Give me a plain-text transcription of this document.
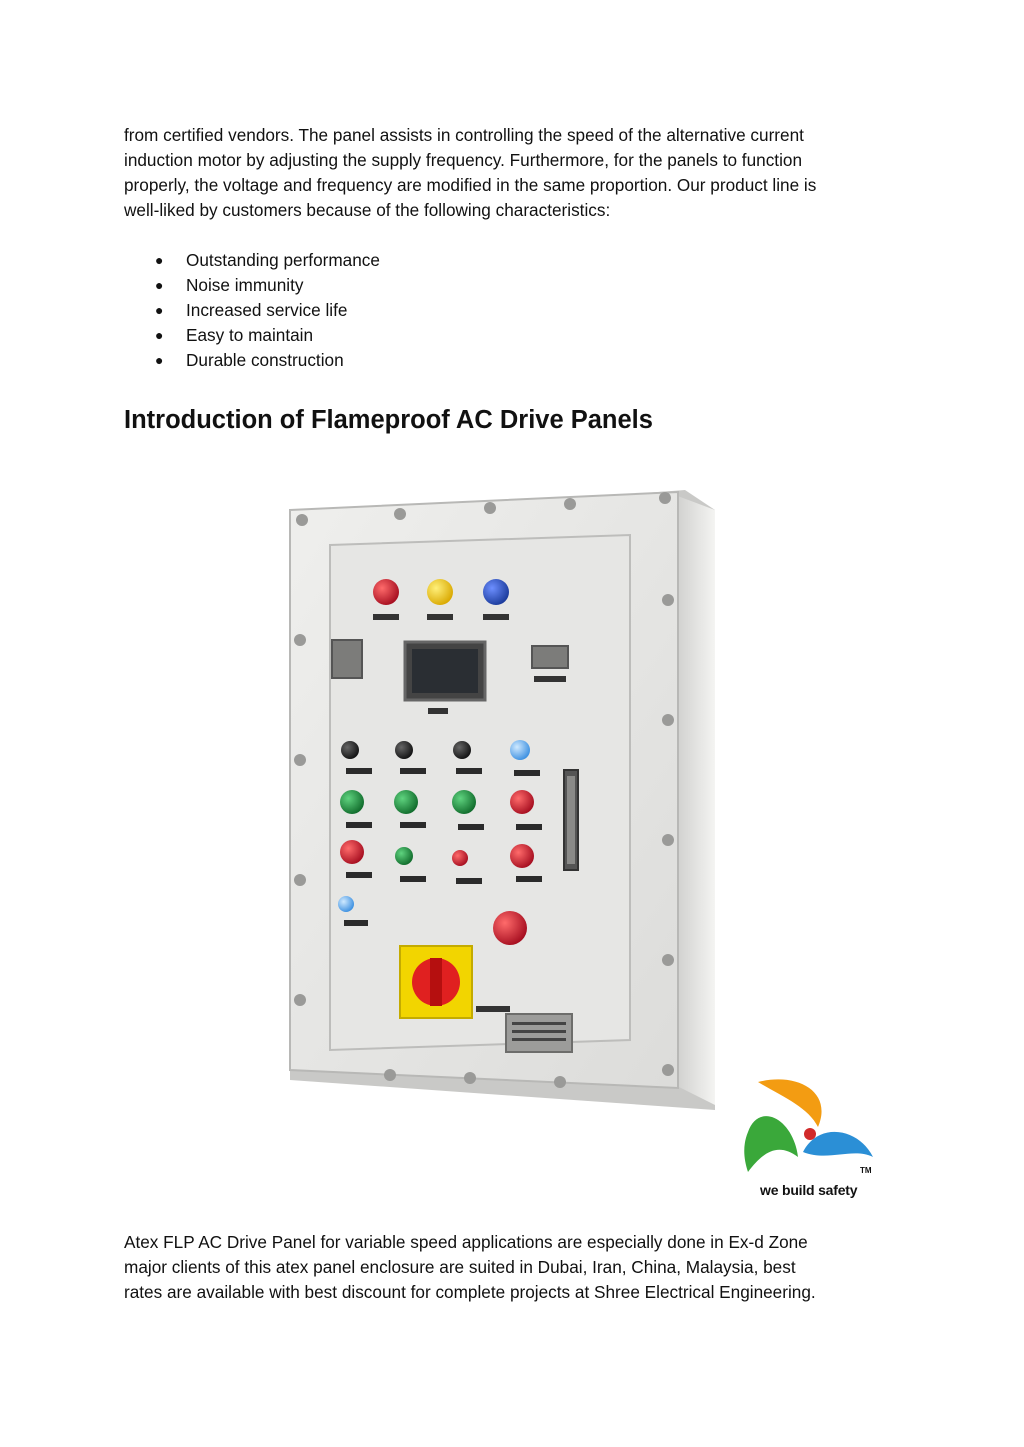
from certified vendors. The panel assists in controlling the speed of the alternative current
induction motor by adjusting the supply frequency. Furthermore, for the panels to function
properly, the voltage and frequency are modified in the same proportion. Our product line is
well-liked by customers because of the following characteristics:

● Outstanding performance
● Noise immunity
● Increased service life
● Easy to maintain
● Durable construction
Introduction of Flameproof AC Drive Panels
TM
we build safety

Atex FLP AC Drive Panel for variable speed applications are especially done in Ex-d Zone
major clients of this atex panel enclosure are suited in Dubai, Iran, China, Malaysia, best
rates are available with best discount for complete projects at Shree Electrical Engineering.
